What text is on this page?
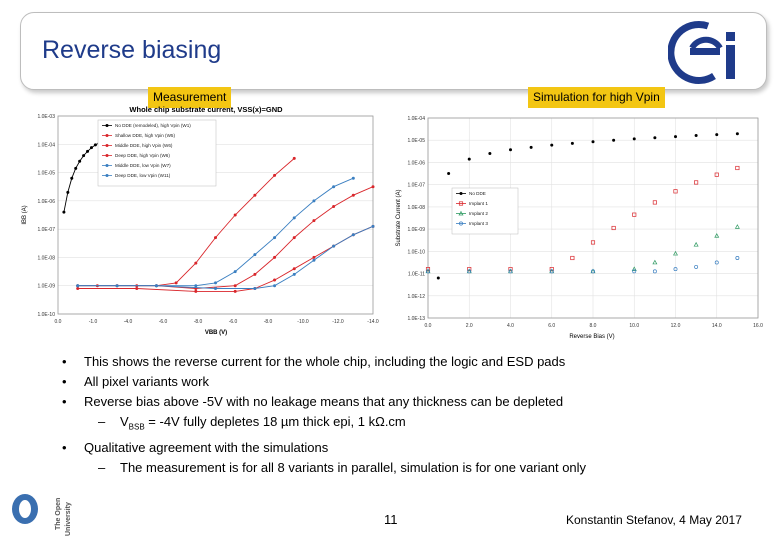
Reverse biasing
Measurement	Simulation for high Vpin
Whole chip substrate current, VSS(x)=GND
1.0E-03
1.0E-04
1.0E-05
1.0E-06
1.0E-07
1.0E-08
1.0E-09
1.0E-10
0.0	-1.0	-4.0	-6.0	-8.0	-6.0	-8.0	-10.0	-12.0	-14.0
No DDE (remodeled), high Vpin (W1)
Shallow DDE, high Vpin (W5)
Middle DDE, high Vpin (W6)
Deep DDE, high Vpin (W6)
Middle DDE, low Vpin (W7)
Deep DDE, low Vpin (W11)
IBB (A)
VBB (V)
1.0E-04
1.0E-05
1.0E-06
1.0E-07
1.0E-08
1.0E-09
1.0E-10
1.0E-11
1.0E-12
1.0E-13
0.0	2.0	4.0	6.0	8.0	10.0	12.0	14.0	16.0
No DDE
Implant 1
Implant 2
Implant 3
Substrate Current (A)
Reverse Bias (V)
• This shows the reverse current for the whole chip, including the logic and ESD pads
• All pixel variants work
• Reverse bias above -5V with no leakage means that any thickness can be depleted
– $V_{BSB} = -4V$ fully depletes 18 µm thick epi, 1 kΩ.cm
• Qualitative agreement with the simulations
– The measurement is for all 8 variants in parallel, simulation is for one variant only
The Open University	11	Konstantin Stefanov, 4 May 2017
